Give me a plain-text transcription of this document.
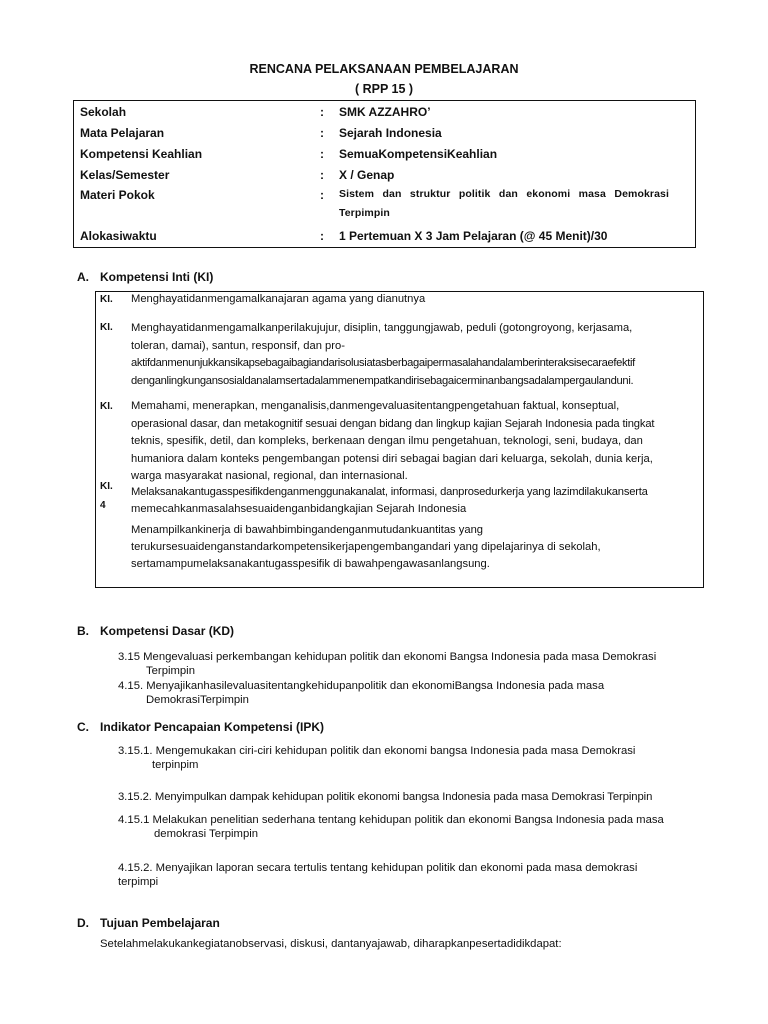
RENCANA PELAKSANAAN PEMBELAJARAN
( RPP 15 )
Sekolah	: SMK AZZAHRO’
Mata Pelajaran	: Sejarah Indonesia
Kompetensi Keahlian	: SemuaKompetensiKeahlian
Kelas/Semester	: X / Genap
Materi Pokok	: Sistem dan struktur politik dan ekonomi masa Demokrasi
Terpimpin
Alokasiwaktu	: 1 Pertemuan X 3 Jam Pelajaran (@ 45 Menit)/30
A. Kompetensi Inti (KI)
KI. Menghayatidanmengamalkanajaran agama yang dianutnya
KI. Menghayatidanmengamalkanperilakujujur, disiplin, tanggungjawab, peduli (gotongroyong, kerjasama,
toleran, damai), santun, responsif, dan pro-
aktifdanmenunjukkansikapsebagaibagiandarisolusiatasberbagaipermasalahandalamberinteraksisecaraefektif
denganlingkungansosialdanalamsertadalammenempatkandirisebagaicerminanbangsadalampergaulanduni.
KI. Memahami, menerapkan, menganalisis,danmengevaluasitentangpengetahuan faktual, konseptual,
operasional dasar, dan metakognitif sesuai dengan bidang dan lingkup kajian Sejarah Indonesia pada tingkat
teknis, spesifik, detil, dan kompleks, berkenaan dengan ilmu pengetahuan, teknologi, seni, budaya, dan
humaniora dalam konteks pengembangan potensi diri sebagai bagian dari keluarga, sekolah, dunia kerja,
warga masyarakat nasional, regional, dan internasional.
KI.
4
Melaksanakantugasspesifikdenganmenggunakanalat, informasi, danprosedurkerja yang lazimdilakukanserta
memecahkanmasalahsesuaidenganbidangkajian Sejarah Indonesia
Menampilkankinerja di bawahbimbingandenganmutudankuantitas yang
terukursesuaidenganstandarkompetensikerjapengembangandari yang dipelajarinya di sekolah,
sertamampumelaksanakantugasspesifik di bawahpengawasanlangsung.
B. Kompetensi Dasar (KD)
3.15 Mengevaluasi perkembangan kehidupan politik dan ekonomi Bangsa Indonesia pada masa Demokrasi
Terpimpin
4.15. Menyajikanhasilevaluasitentangkehidupanpolitik dan ekonomiBangsa Indonesia pada masa
DemokrasiTerpimpin
C. Indikator Pencapaian Kompetensi (IPK)
3.15.1. Mengemukakan ciri-ciri kehidupan politik dan ekonomi bangsa Indonesia pada masa Demokrasi
terpinpim
3.15.2. Menyimpulkan dampak kehidupan politik ekonomi bangsa Indonesia pada masa Demokrasi Terpinpin
4.15.1 Melakukan penelitian sederhana tentang kehidupan politik dan ekonomi Bangsa Indonesia pada masa
demokrasi Terpimpin
4.15.2. Menyajikan laporan secara tertulis tentang kehidupan politik dan ekonomi pada masa demokrasi
terpimpi
D. Tujuan Pembelajaran
Setelahmelakukankegiatanobservasi, diskusi, dantanyajawab, diharapkanpesertadidikdapat:
